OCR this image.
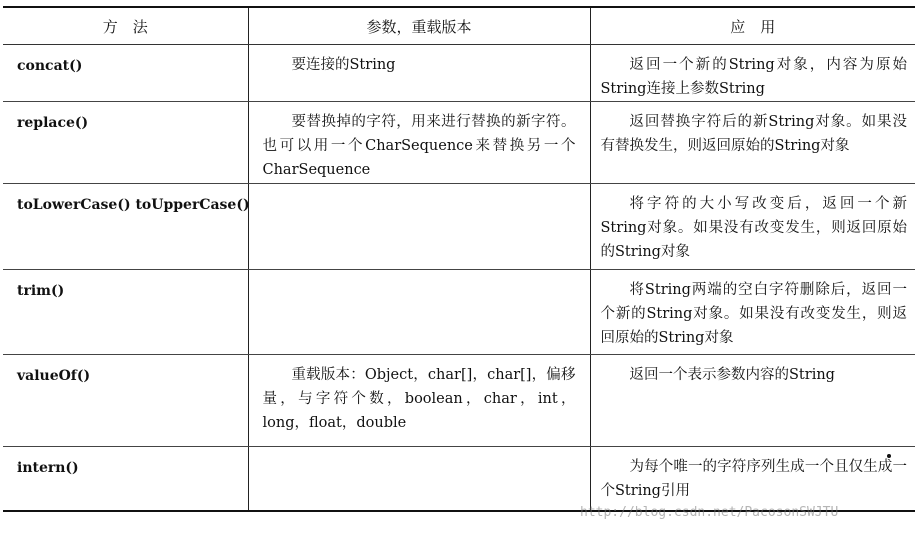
方　法	参数，重载版本	应　用
concat()	要连接的String	返回一个新的String对象，内容为原始String连接上参数String
replace()	要替换掉的字符，用来进行替换的新字符。也可以用一个CharSequence来替换另一个CharSequence	返回替换字符后的新String对象。如果没有替换发生，则返回原始的String对象
toLowerCase() toUpperCase()		将字符的大小写改变后，返回一个新String对象。如果没有改变发生，则返回原始的String对象
trim()		将String两端的空白字符删除后，返回一个新的String对象。如果没有改变发生，则返回原始的String对象
valueOf()	重载版本：Object，char[]，char[]，偏移量，与字符个数，boolean，char，int，long，float，double	返回一个表示参数内容的String
intern()		为每个唯一的字符序列生成一个且仅生成一个String引用
http://blog.csdn.net/PacosonSWJTU
